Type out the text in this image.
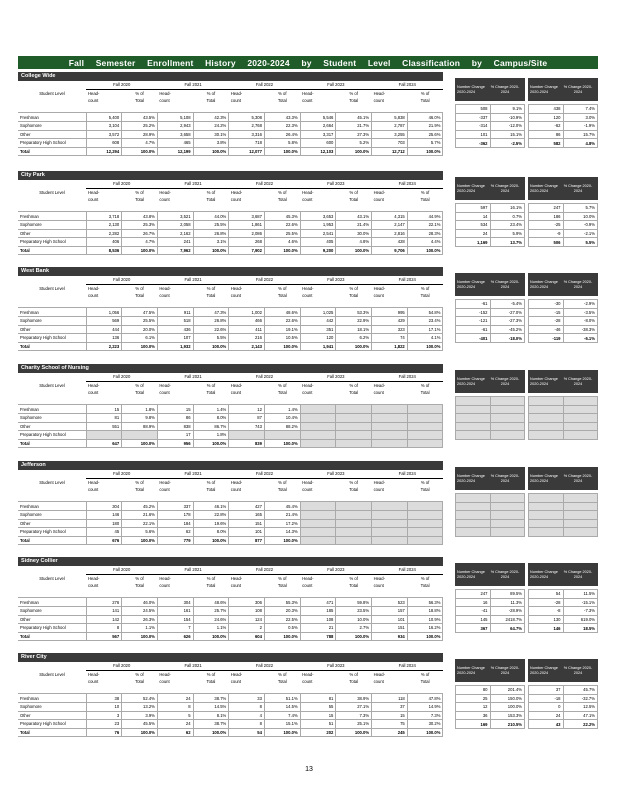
Fall Semester Enrollment History 2020-2024 by Student Level Classification by Campus/Site
College Wide
	Fall 2020		Fall 2021		Fall 2022		Fall 2023		Fall 2024	
Student Level	Head-	% of	Head-	% of	Head-	% of	Head-	% of	Head-	% of
	count	Total	count	Total	count	Total	count	Total	count	Total

Freshman	5,400	43.5%	5,108	42.3%	5,308	43.3%	5,546	45.1%	5,838	46.0%
Sophomore	3,104	25.2%	2,943	24.2%	2,768	22.3%	2,664	21.7%	2,787	21.9%
Other	3,572	28.9%	3,658	30.1%	3,316	26.4%	3,317	27.3%	3,255	25.6%
Preparatory High School	608	4.7%	465	3.8%	718	5.8%	600	5.2%	703	5.7%
Total	12,294	100.0%	12,199	100.0%	12,077	100.0%	12,103	100.0%	12,712	100.0%
Number Change 2020-2024
% Change 2020-2024

508	9.1%
-337	-10.9%
-314	-12.0%
101	15.1%
-362	-2.5%
Number Change 2020-2024
% Change 2020-2024

438	7.4%
120	3.0%
-62	-1.9%
86	15.7%
582	4.8%
City Park
	Fall 2020		Fall 2021		Fall 2022		Fall 2023		Fall 2024	
Student Level	Head-	% of	Head-	% of	Head-	% of	Head-	% of	Head-	% of
	count	Total	count	Total	count	Total	count	Total	count	Total

Freshman	3,718	43.8%	3,521	44.0%	3,687	45.3%	3,653	43.1%	4,315	44.9%
Sophomore	2,130	25.3%	2,058	25.5%	1,861	22.6%	1,953	21.4%	2,147	22.1%
Other	2,282	26.7%	2,162	26.8%	2,086	25.5%	2,541	30.0%	2,816	28.3%
Preparatory High School	406	4.7%	241	3.1%	268	4.6%	405	4.8%	428	4.4%
Total	8,536	100.0%	7,962	100.0%	7,902	100.0%	9,200	100.0%	9,706	100.0%
Number Change 2020-2024
% Change 2020-2024

597	16.1%
14	0.7%
534	23.4%
24	5.9%
1,169	13.7%
Number Change 2020-2024
% Change 2020-2024

247	5.7%
186	10.0%
-25	-0.9%
-9	-2.1%
506	5.5%
West Bank
	Fall 2020		Fall 2021		Fall 2022		Fall 2023		Fall 2024	
Student Level	Head-	% of	Head-	% of	Head-	% of	Head-	% of	Head-	% of
	count	Total	count	Total	count	Total	count	Total	count	Total

Freshman	1,056	47.5%	911	47.3%	1,002	48.6%	1,025	53.3%	995	54.8%
Sophomore	569	25.5%	518	26.8%	466	22.6%	442	22.9%	429	23.4%
Other	444	20.0%	436	22.6%	411	19.1%	351	18.1%	323	17.1%
Preparatory High School	136	6.1%	107	5.5%	216	10.5%	120	6.2%	74	4.1%
Total	2,223	100.0%	1,932	100.0%	2,143	100.0%	1,941	100.0%	1,822	100.0%
Number Change 2020-2024
% Change 2020-2024

-61	-5.4%
-152	-27.0%
-121	-27.3%
-61	-45.2%
-401	-18.0%
Number Change 2020-2024
% Change 2020-2024

-30	-2.9%
-15	-3.5%
-28	-8.0%
-46	-38.3%
-119	-6.1%
Charity School of Nursing
	Fall 2020		Fall 2021		Fall 2022		Fall 2023		Fall 2024	
Student Level	Head-	% of	Head-	% of	Head-	% of	Head-	% of	Head-	% of
	count	Total	count	Total	count	Total	count	Total	count	Total

Freshman	15	1.8%	15	1.4%	12	1.4%				
Sophomore	81	9.8%	86	8.0%	87	10.4%				
Other	551	88.9%	838	86.7%	743	88.2%				
Preparatory High School			17	1.8%						
Total	647	100.0%	956	100.0%	839	100.0%				
Number Change 2020-2024
% Change 2020-2024

Number Change 2020-2024
% Change 2020-2024

Jefferson
	Fall 2020		Fall 2021		Fall 2022		Fall 2023		Fall 2024	
Student Level	Head-	% of	Head-	% of	Head-	% of	Head-	% of	Head-	% of
	count	Total	count	Total	count	Total	count	Total	count	Total

Freshman	304	45.2%	337	46.1%	427	45.4%				
Sophomore	146	21.6%	178	22.8%	165	21.4%				
Other	180	22.1%	184	19.6%	151	17.2%				
Preparatory High School	45	5.6%	62	8.0%	101	14.3%				
Total	676	100.0%	779	100.0%	877	100.0%				
Number Change 2020-2024
% Change 2020-2024

Number Change 2020-2024
% Change 2020-2024

Sidney Collier
	Fall 2020		Fall 2021		Fall 2022		Fall 2023		Fall 2024	
Student Level	Head-	% of	Head-	% of	Head-	% of	Head-	% of	Head-	% of
	count	Total	count	Total	count	Total	count	Total	count	Total

Freshman	276	46.0%	304	48.6%	306	55.3%	471	59.8%	523	56.3%
Sophomore	141	24.5%	161	25.7%	108	20.3%	185	23.5%	157	18.8%
Other	142	26.3%	154	24.6%	124	22.5%	108	10.0%	101	10.9%
Preparatory High School	8	1.1%	7	1.1%	2	0.5%	21	2.7%	151	16.2%
Total	567	100.0%	626	100.0%	604	100.0%	788	100.0%	934	100.0%
Number Change 2020-2024
% Change 2020-2024

247	89.5%
16	11.3%
-41	-28.9%
145	2418.7%
367	64.7%
Number Change 2020-2024
% Change 2020-2024

54	11.5%
-28	-15.1%
-8	-7.3%
130	619.0%
146	18.5%
River City
	Fall 2020		Fall 2021		Fall 2022		Fall 2023		Fall 2024	
Student Level	Head-	% of	Head-	% of	Head-	% of	Head-	% of	Head-	% of
	count	Total	count	Total	count	Total	count	Total	count	Total

Freshman	38	52.4%	24	38.7%	33	51.1%	81	38.9%	118	47.8%
Sophomore	10	13.2%	8	14.5%	8	14.5%	55	27.1%	37	14.9%
Other	3	3.9%	5	8.1%	4	7.4%	15	7.3%	15	7.3%
Preparatory High School	23	45.5%	24	38.7%	8	15.1%	51	25.1%	75	30.2%
Total	76	100.0%	62	100.0%	54	100.0%	202	100.0%	245	100.0%
Number Change 2020-2024
% Change 2020-2024

80	201.4%
25	150.0%
12	100.0%
36	153.3%
169	210.5%
Number Change 2020-2024
% Change 2020-2024

37	45.7%
-18	-32.7%
0	12.5%
24	47.1%
43	22.2%
13
